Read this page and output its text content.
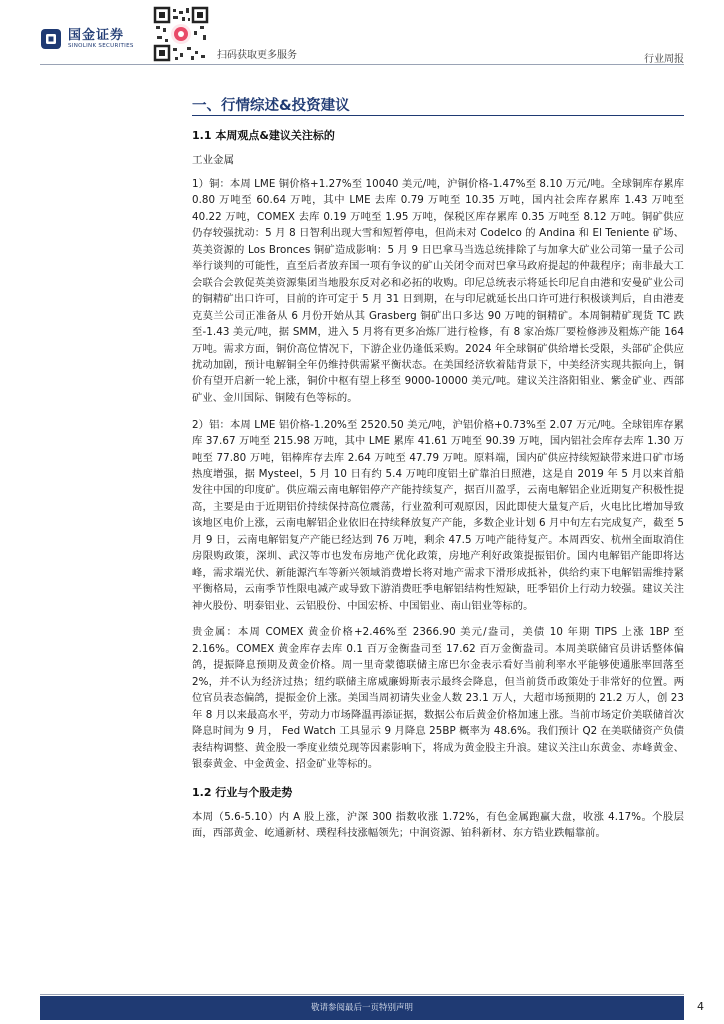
国金证券
SINOLINK SECURITIES
扫码获取更多服务	行业周报
一、行情综述&投资建议
1.1 本周观点&建议关注标的
工业金属

1）铜：本周 LME 铜价格+1.27%至 10040 美元/吨，沪铜价格-1.47%至 8.10 万元/吨。全球铜库存累库 0.80 万吨至 60.64 万吨，其中 LME 去库 0.79 万吨至 10.35 万吨，国内社会库存累库 1.43 万吨至 40.22 万吨，COMEX 去库 0.19 万吨至 1.95 万吨，保税区库存累库 0.35 万吨至 8.12 万吨。铜矿供应仍存较强扰动：5 月 8 日智利出现大雪和短暂停电，但尚未对 Codelco 的 Andina 和 El Teniente 矿场、英美资源的 Los Bronces 铜矿造成影响：5 月 9 日巴拿马当选总统排除了与加拿大矿业公司第一量子公司举行谈判的可能性，直至后者放弃国一项有争议的矿山关闭令而对巴拿马政府提起的仲裁程序；南非最大工会联合会敦促英美资源集团当地股东反对必和必拓的收购。印尼总统表示将延长印尼自由港和安曼矿业公司的铜精矿出口许可，目前的许可定于 5 月 31 日到期，在与印尼就延长出口许可进行积极谈判后，自由港麦克莫兰公司正准备从 6 月份开始从其 Grasberg 铜矿出口多达 90 万吨的铜精矿。本周铜精矿现货 TC 跌至-1.43 美元/吨，据 SMM，进入 5 月将有更多冶炼厂进行检修，有 8 家冶炼厂要检修涉及粗炼产能 164 万吨。需求方面，铜价高位情况下，下游企业仍逢低采购。2024 年全球铜矿供给增长受限，头部矿企供应扰动加剧，预计电解铜全年仍维持供需紧平衡状态。在美国经济软着陆背景下，中美经济实现共振向上，铜价有望开启新一轮上涨，铜价中枢有望上移至 9000-10000 美元/吨。建议关注洛阳钼业、紫金矿业、西部矿业、金川国际、铜陵有色等标的。

2）铝：本周 LME 铝价格-1.20%至 2520.50 美元/吨，沪铝价格+0.73%至 2.07 万元/吨。全球铝库存累库 37.67 万吨至 215.98 万吨，其中 LME 累库 41.61 万吨至 90.39 万吨，国内铝社会库存去库 1.30 万吨至 77.80 万吨，铝棒库存去库 2.64 万吨至 47.79 万吨。原料端，国内矿供应持续短缺带来进口矿市场热度增强，据 Mysteel，5 月 10 日有约 5.4 万吨印度铝土矿靠泊日照港，这是自 2019 年 5 月以来首船发往中国的印度矿。供应端云南电解铝停产产能持续复产，据百川盈孚，云南电解铝企业近期复产积极性提高，主要是由于近期铝价持续保持高位震荡，行业盈利可观原因，因此即使大量复产后，火电比比增加导致该地区电价上涨，云南电解铝企业依旧在持续释放复产产能，多数企业计划 6 月中旬左右完成复产，截至 5 月 9 日，云南电解铝复产产能已经达到 76 万吨，剩余 47.5 万吨产能待复产。本周西安、杭州全面取消住房限购政策，深圳、武汉等市也发布房地产优化政策，房地产利好政策提振铝价。国内电解铝产能即将达峰，需求端光伏、新能源汽车等新兴领域消费增长将对地产需求下滑形成抵补，供给约束下电解铝需维持紧平衡格局，云南季节性限电减产或导致下游消费旺季电解铝结构性短缺，旺季铝价上行动力较强。建议关注神火股份、明泰铝业、云铝股份、中国宏桥、中国铝业、南山铝业等标的。

贵金属：本周 COMEX 黄金价格+2.46%至 2366.90 美元/盎司，美债 10 年期 TIPS 上涨 1BP 至 2.16%。COMEX 黄金库存去库 0.1 百万金衡盎司至 17.62 百万金衡盎司。本周美联储官员讲话整体偏鸽，提振降息预期及黄金价格。周一里奇蒙德联储主席巴尔金表示看好当前利率水平能够使通胀率回落至 2%，并不认为经济过热；纽约联储主席威廉姆斯表示最终会降息，但当前货币政策处于非常好的位置。两位官员表态偏鸽，提振金价上涨。美国当周初请失业金人数 23.1 万人，大超市场预期的 21.2 万人，创 23 年 8 月以来最高水平，劳动力市场降温再添证据，数据公布后黄金价格加速上涨。当前市场定价美联储首次降息时间为 9 月， Fed Watch 工具显示 9 月降息 25BP 概率为 48.6%。我们预计 Q2 在美联储资产负债表结构调整、黄金股一季度业绩兑现等因素影响下，将成为黄金股主升浪。建议关注山东黄金、赤峰黄金、银泰黄金、中金黄金、招金矿业等标的。

1.2 行业与个股走势

本周（5.6-5.10）内 A 股上涨，沪深 300 指数收涨 1.72%，有色金属跑赢大盘，收涨 4.17%。个股层面，西部黄金、屹通新材、璞程科技涨幅领先；中润资源、铂科新材、东方锆业跌幅靠前。

敬请参阅最后一页特别声明	4
